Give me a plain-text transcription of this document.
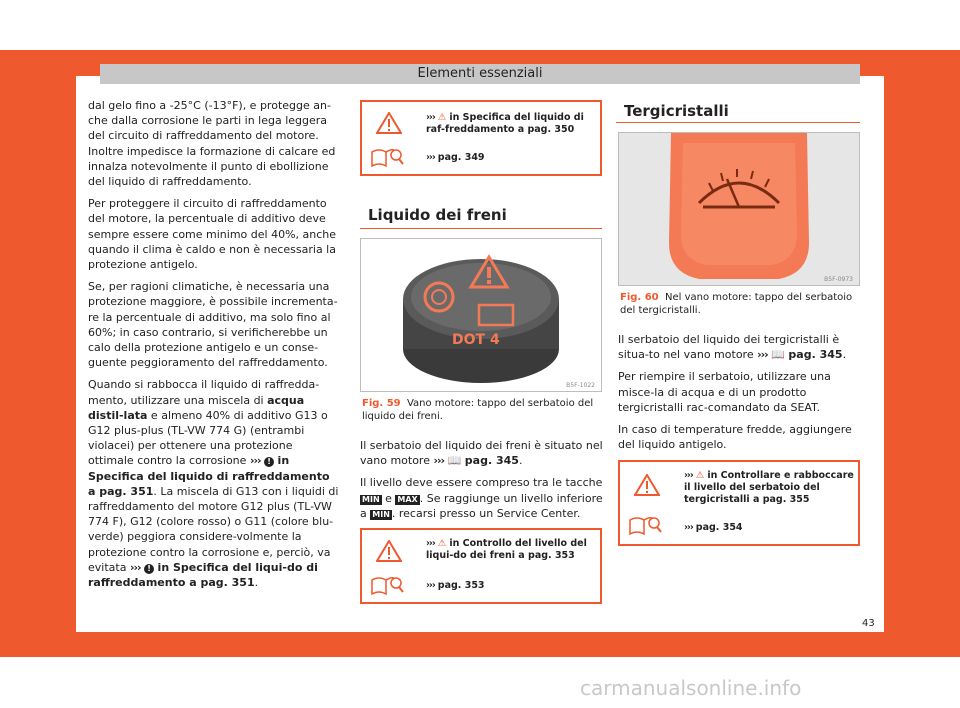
Elementi essenziali

dal gelo fino a -25°C (-13°F), e protegge an-che dalla corrosione le parti in lega leggera del circuito di raffreddamento del motore. Inoltre impedisce la formazione di calcare ed innalza notevolmente il punto di ebollizione del liquido di raffreddamento.

Per proteggere il circuito di raffreddamento del motore, la percentuale di additivo deve sempre essere come minimo del 40%, anche quando il clima è caldo e non è necessaria la protezione antigelo.

Se, per ragioni climatiche, è necessaria una protezione maggiore, è possibile incrementa-re la percentuale di additivo, ma solo fino al 60%; in caso contrario, si verificherebbe un calo della protezione antigelo e un conse-guente peggioramento del raffreddamento.

Quando si rabbocca il liquido di raffredda-mento, utilizzare una miscela di acqua distil-lata e almeno 40% di additivo G13 o G12 plus-plus (TL-VW 774 G) (entrambi violacei) per ottenere una protezione ottimale contro la corrosione ››› ! in Specifica del liquido di raffreddamento a pag. 351. La miscela di G13 con i liquidi di raffreddamento del motore G12 plus (TL-VW 774 F), G12 (colore rosso) o G11 (colore blu-verde) peggiora considere-volmente la protezione contro la corrosione e, perciò, va evitata ››› ! in Specifica del liqui-do di raffreddamento a pag. 351.

››› ⚠ in Specifica del liquido di raf-freddamento a pag. 350
››› pag. 349
Liquido dei freni
DOT 4
B5F-1022
Fig. 59 Vano motore: tappo del serbatoio del liquido dei freni.

Il serbatoio del liquido dei freni è situato nel vano motore ››› 📖 pag. 345.

Il livello deve essere compreso tra le tacche MIN e MAX . Se raggiunge un livello inferiore a MIN . recarsi presso un Service Center.

››› ⚠ in Controllo del livello del liqui-do dei freni a pag. 353
››› pag. 353
Tergicristalli
B5F-0973
Fig. 60 Nel vano motore: tappo del serbatoio del tergicristalli.

Il serbatoio del liquido dei tergicristalli è situa-to nel vano motore ››› 📖 pag. 345.

Per riempire il serbatoio, utilizzare una misce-la di acqua e di un prodotto tergicristalli rac-comandato da SEAT.

In caso di temperature fredde, aggiungere del liquido antigelo.

››› ⚠ in Controllare e rabboccare il livello del serbatoio del tergicristalli a pag. 355
››› pag. 354
43
carmanualsonline.info
